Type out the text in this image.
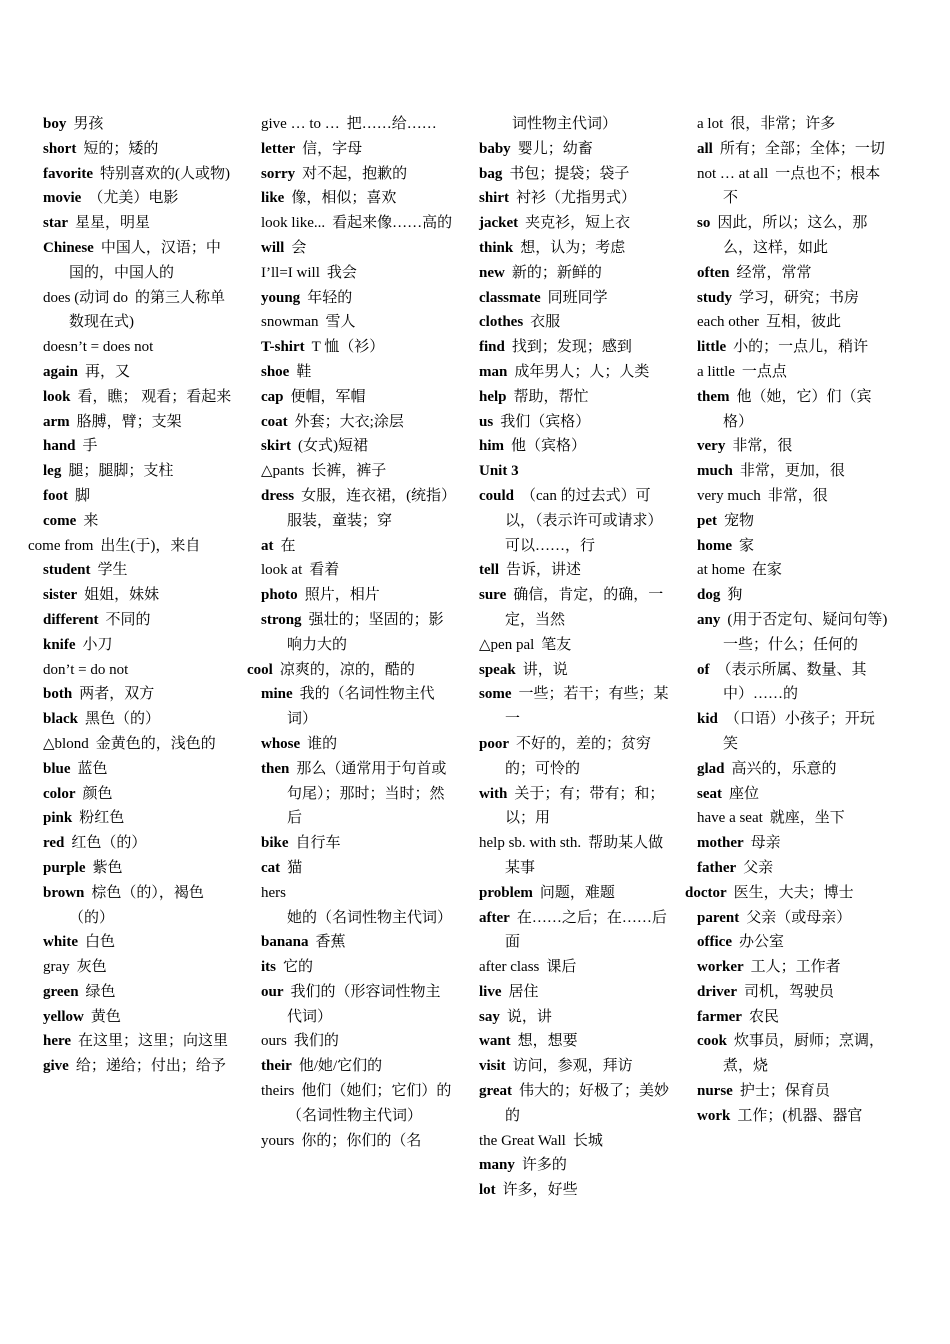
boy 男孩

short 短的；矮的

favorite 特别喜欢的(人或物)

movie （尤美）电影

star 星星，明星

Chinese 中国人，汉语；中国的，中国人的

does (动词 do 的第三人称单数现在式)

doesn’t = does not

again 再，又

look 看，瞧； 观看；看起来

arm 胳膊，臂；支架

hand 手

leg 腿；腿脚；支柱

foot 脚

come 来

come from 出生(于)，来自

student 学生

sister 姐姐，妹妹

different 不同的

knife 小刀

don’t = do not

both 两者，双方

black 黑色（的）

△blond 金黄色的，浅色的

blue 蓝色

color 颜色

pink 粉红色

red 红色（的）

purple 紫色

brown 棕色（的），褐色（的）

white 白色

gray 灰色

green 绿色

yellow 黄色

here 在这里；这里；向这里

give 给；递给；付出；给予

give … to … 把……给……

letter 信，字母

sorry 对不起，抱歉的

like 像，相似；喜欢

look like... 看起来像……高的

will 会

I’ll=I will 我会

young 年轻的

snowman 雪人

T-shirt T 恤（衫）

shoe 鞋

cap 便帽，军帽

coat 外套；大衣;涂层

skirt (女式)短裙

△pants 长裤，裤子

dress 女服，连衣裙，(统指）服装，童装；穿

at 在

look at 看着

photo 照片，相片

strong 强壮的；坚固的；影响力大的

cool 凉爽的，凉的，酷的

mine 我的（名词性物主代词）

whose 谁的

then 那么（通常用于句首或句尾）；那时；当时；然后

bike 自行车

cat 猫

hers她的（名词性物主代词）

banana 香蕉

its 它的

our 我们的（形容词性物主代词）

ours 我们的

their 他/她/它们的

theirs 他们（她们；它们）的（名词性物主代词）

yours 你的；你们的（名

词性物主代词）

baby 婴儿；幼畜

bag 书包；提袋；袋子

shirt 衬衫（尤指男式）

jacket 夹克衫，短上衣

think 想，认为；考虑

new 新的；新鲜的

classmate 同班同学

clothes 衣服

find 找到；发现；感到

man 成年男人；人；人类

help 帮助，帮忙

us 我们（宾格）

him 他（宾格）

Unit 3

could （can 的过去式）可以，（表示许可或请求）可以……，行

tell 告诉，讲述

sure 确信，肯定，的确，一定，当然

△pen pal 笔友

speak 讲，说

some 一些；若干；有些；某一

poor 不好的，差的；贫穷的；可怜的

with 关于；有；带有；和；以；用

help sb. with sth. 帮助某人做某事

problem 问题，难题

after 在……之后；在……后面

after class 课后

live 居住

say 说，讲

want 想，想要

visit 访问，参观，拜访

great 伟大的；好极了；美妙的

the Great Wall 长城

many 许多的

lot 许多，好些

a lot 很，非常；许多

all 所有；全部；全体；一切

not … at all 一点也不；根本不

so 因此，所以；这么，那么，这样，如此

often 经常，常常

study 学习，研究；书房

each other 互相，彼此

little 小的；一点儿，稍许

a little 一点点

them 他（她，它）们（宾格）

very 非常，很

much 非常，更加，很

very much 非常，很

pet 宠物

home 家

at home 在家

dog 狗

any (用于否定句、疑问句等)一些；什么；任何的

of （表示所属、数量、其中）……的

kid （口语）小孩子；开玩笑

glad 高兴的，乐意的

seat 座位

have a seat 就座，坐下

mother 母亲

father 父亲

doctor 医生，大夫；博士

parent 父亲（或母亲）

office 办公室

worker 工人；工作者

driver 司机，驾驶员

farmer 农民

cook 炊事员，厨师；烹调，煮，烧

nurse 护士；保育员

work 工作；(机器、器官
